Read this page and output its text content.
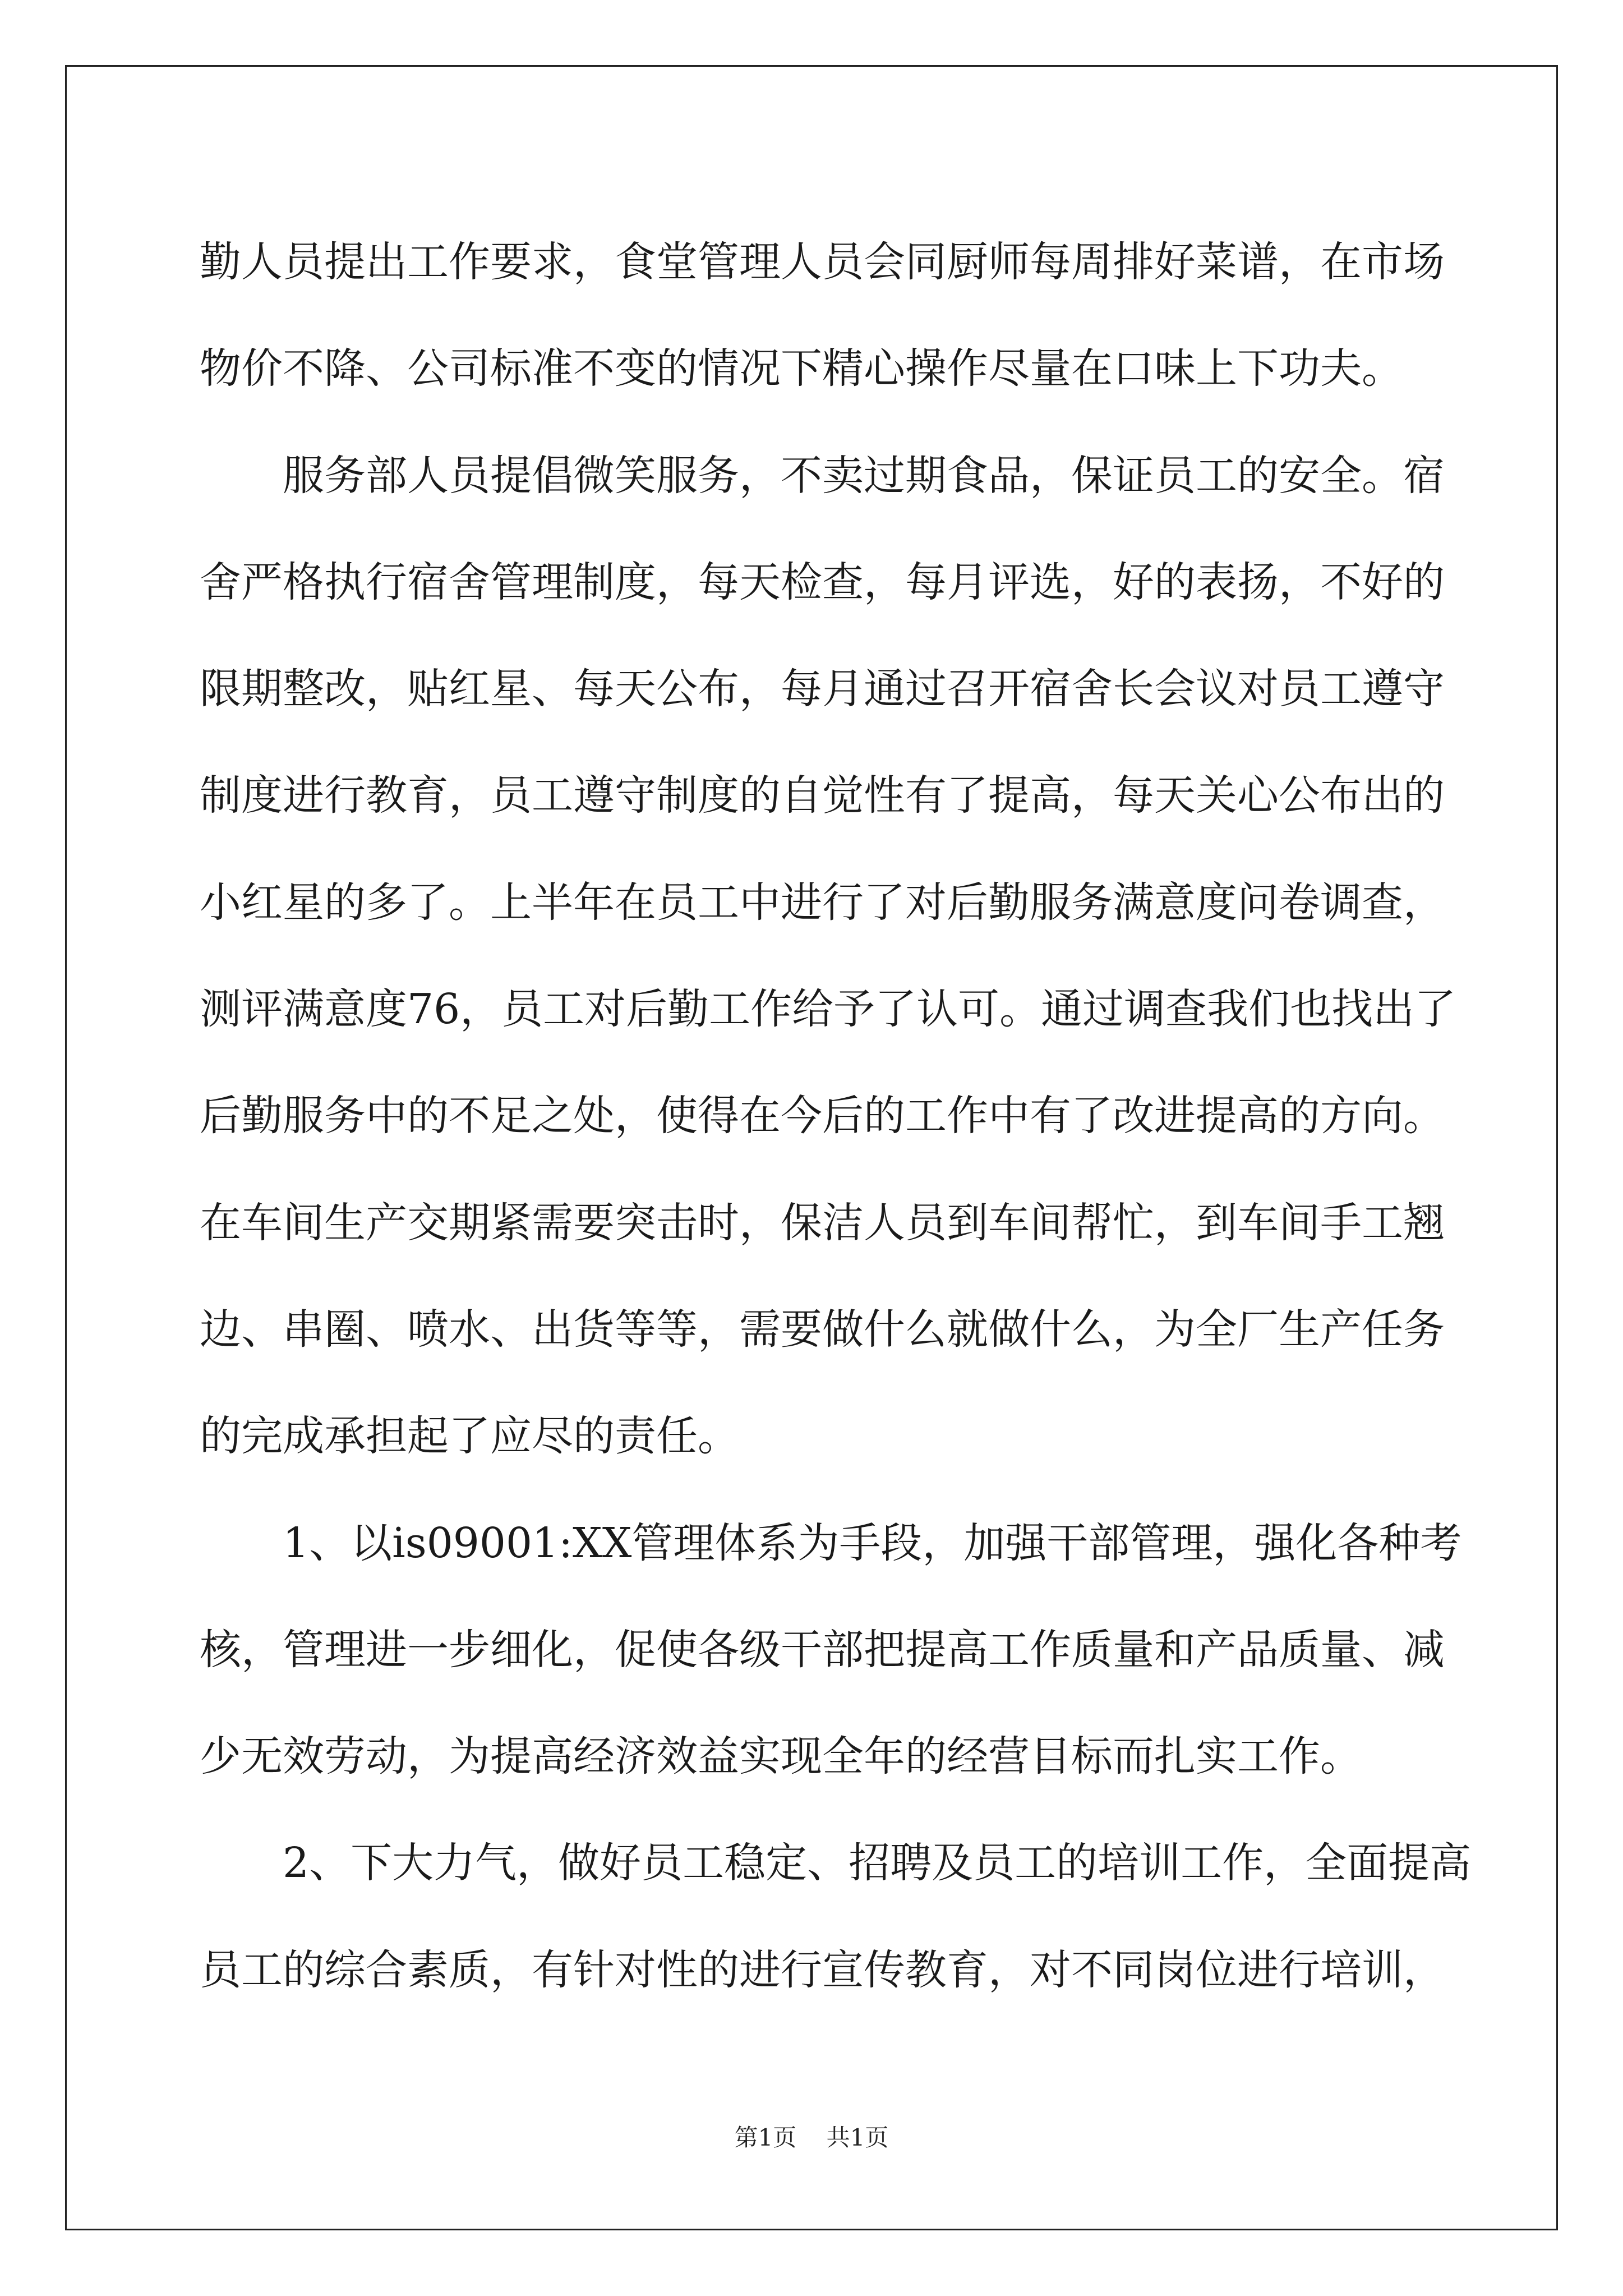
勤人员提出工作要求，食堂管理人员会同厨师每周排好菜谱，在市场
物价不降、公司标准不变的情况下精心操作尽量在口味上下功夫。
服务部人员提倡微笑服务，不卖过期食品，保证员工的安全。宿
舍严格执行宿舍管理制度，每天检查，每月评选，好的表扬，不好的
限期整改，贴红星、每天公布，每月通过召开宿舍长会议对员工遵守
制度进行教育，员工遵守制度的自觉性有了提高，每天关心公布出的
小红星的多了。上半年在员工中进行了对后勤服务满意度问卷调查，
测评满意度76，员工对后勤工作给予了认可。通过调查我们也找出了
后勤服务中的不足之处，使得在今后的工作中有了改进提高的方向。
在车间生产交期紧需要突击时，保洁人员到车间帮忙，到车间手工翘
边、串圈、喷水、出货等等，需要做什么就做什么，为全厂生产任务
的完成承担起了应尽的责任。
1、以is09001:XX管理体系为手段，加强干部管理，强化各种考
核，管理进一步细化，促使各级干部把提高工作质量和产品质量、减
少无效劳动，为提高经济效益实现全年的经营目标而扎实工作。
2、下大力气，做好员工稳定、招聘及员工的培训工作，全面提高
员工的综合素质，有针对性的进行宣传教育，对不同岗位进行培训，
第1页    共1页
